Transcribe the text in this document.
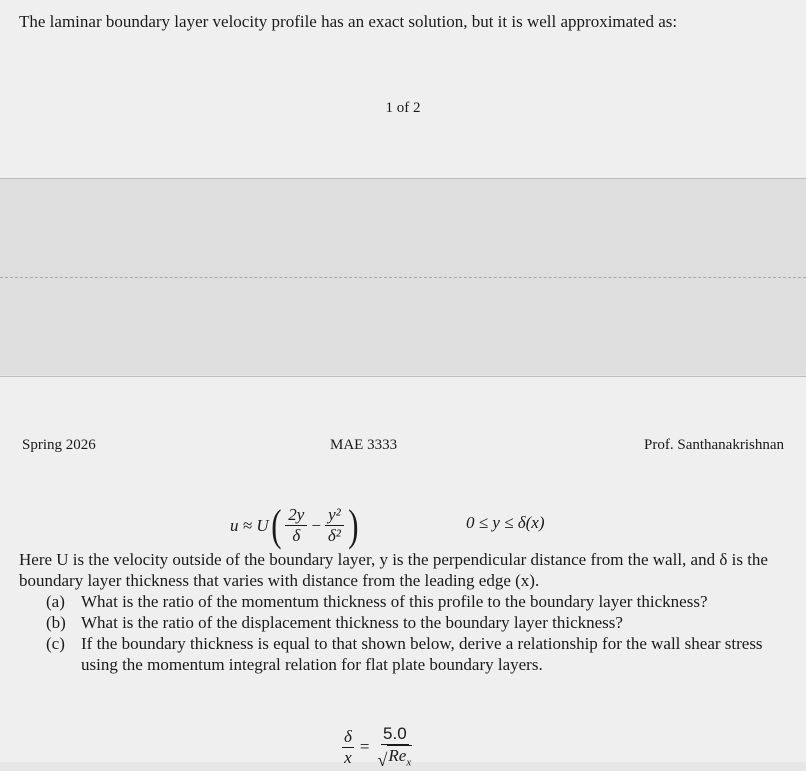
The laminar boundary layer velocity profile has an exact solution, but it is well approximated as:
1 of 2
Spring 2026	MAE 3333	Prof. Santhanakrishnan
u ≈ U ( $\frac{2y}{\delta} - \frac{\text{y²}}{\text{δ²}}$ )	0 ≤ y ≤ δ(x)
Here U is the velocity outside of the boundary layer, y is the perpendicular distance from the wall, and δ is the boundary layer thickness that varies with distance from the leading edge (x).
(a) What is the ratio of the momentum thickness of this profile to the boundary layer thickness?
(b) What is the ratio of the displacement thickness to the boundary layer thickness?
(c) If the boundary thickness is equal to that shown below, derive a relationship for the wall shear stress using the momentum integral relation for flat plate boundary layers.
$\frac{\delta}{x}$ =
5.0
√ $Re_x$
